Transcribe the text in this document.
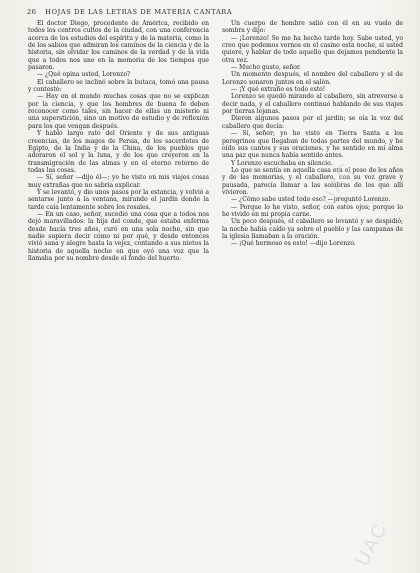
26 HOJAS DE LAS LETRAS DE MATERIA CANTARA

El doctor Diego, procedente de América, recibido en todos los centros cultos de la ciudad, con una conferencia acerca de los estudios del espíritu y de la materia, como la de los sabios que admiran los caminos de la ciencia y de la historia, sin olvidar los caminos de la verdad y de la vida que a todos nos une en la memoria de los tiempos que pasaron.

— ¿Qué opina usted, Lorenzo?

El caballero se inclinó sobre la butaca, tomó una pausa y contestó:

— Hay en el mundo muchas cosas que no se explican por la ciencia, y que los hombres de buena fe deben reconocer como tales, sin hacer de ellas un misterio ni una superstición, sino un motivo de estudio y de reflexión para los que vengan después.

Y habló largo rato del Oriente y de sus antiguas creencias, de los magos de Persia, de los sacerdotes de Egipto, de la India y de la China, de los pueblos que adoraron el sol y la luna, y de los que creyeron en la transmigración de las almas y en el eterno retorno de todas las cosas.

— Sí, señor —dijo él—; yo he visto en mis viajes cosas muy extrañas que no sabría explicar.

Y se levantó, y dio unos pasos por la estancia, y volvió a sentarse junto a la ventana, mirando el jardín donde la tarde caía lentamente sobre los rosales.

— En un caso, señor, sucedió una cosa que a todos nos dejó maravillados: la hija del conde, que estaba enferma desde hacía tres años, curó en una sola noche, sin que nadie supiera decir cómo ni por qué, y desde entonces vivió sana y alegre hasta la vejez, contando a sus nietos la historia de aquella noche en que oyó una voz que la llamaba por su nombre desde el fondo del huerto.

Un cuerpo de hombre salió con él en su vuelo de sombra y dijo:

— ¡Lorenzo! Se me ha hecho tarde hoy. Sabe usted, yo creo que podemos vernos en el casino esta noche, si usted quiere, y hablar de todo aquello que dejamos pendiente la otra vez.

— Mucho gusto, señor.

Un momento después, el nombre del caballero y el de Lorenzo sonaron juntos en el salón.

— ¡Y qué extraño es todo esto!

Lorenzo se quedó mirando al caballero, sin atreverse a decir nada, y el caballero continuó hablando de sus viajes por tierras lejanas.

Dieron algunos pasos por el jardín; se oía la voz del caballero que decía:

— Sí, señor; yo he visto en Tierra Santa a los peregrinos que llegaban de todas partes del mundo, y he oído sus cantos y sus oraciones, y he sentido en mi alma una paz que nunca había sentido antes.

Y Lorenzo escuchaba en silencio.

Lo que se sentía en aquella casa era el peso de los años y de las memorias, y el caballero, con su voz grave y pausada, parecía llamar a las sombras de los que allí vivieron.

— ¿Cómo sabe usted todo eso? —preguntó Lorenzo.

— Porque lo he visto, señor, con estos ojos; porque lo he vivido en mi propia carne.

Un poco después, el caballero se levantó y se despidió; la noche había caído ya sobre el pueblo y las campanas de la iglesia llamaban a la oración.

— ¡Qué hermoso es esto! —dijo Lorenzo.

UAC
UAC
